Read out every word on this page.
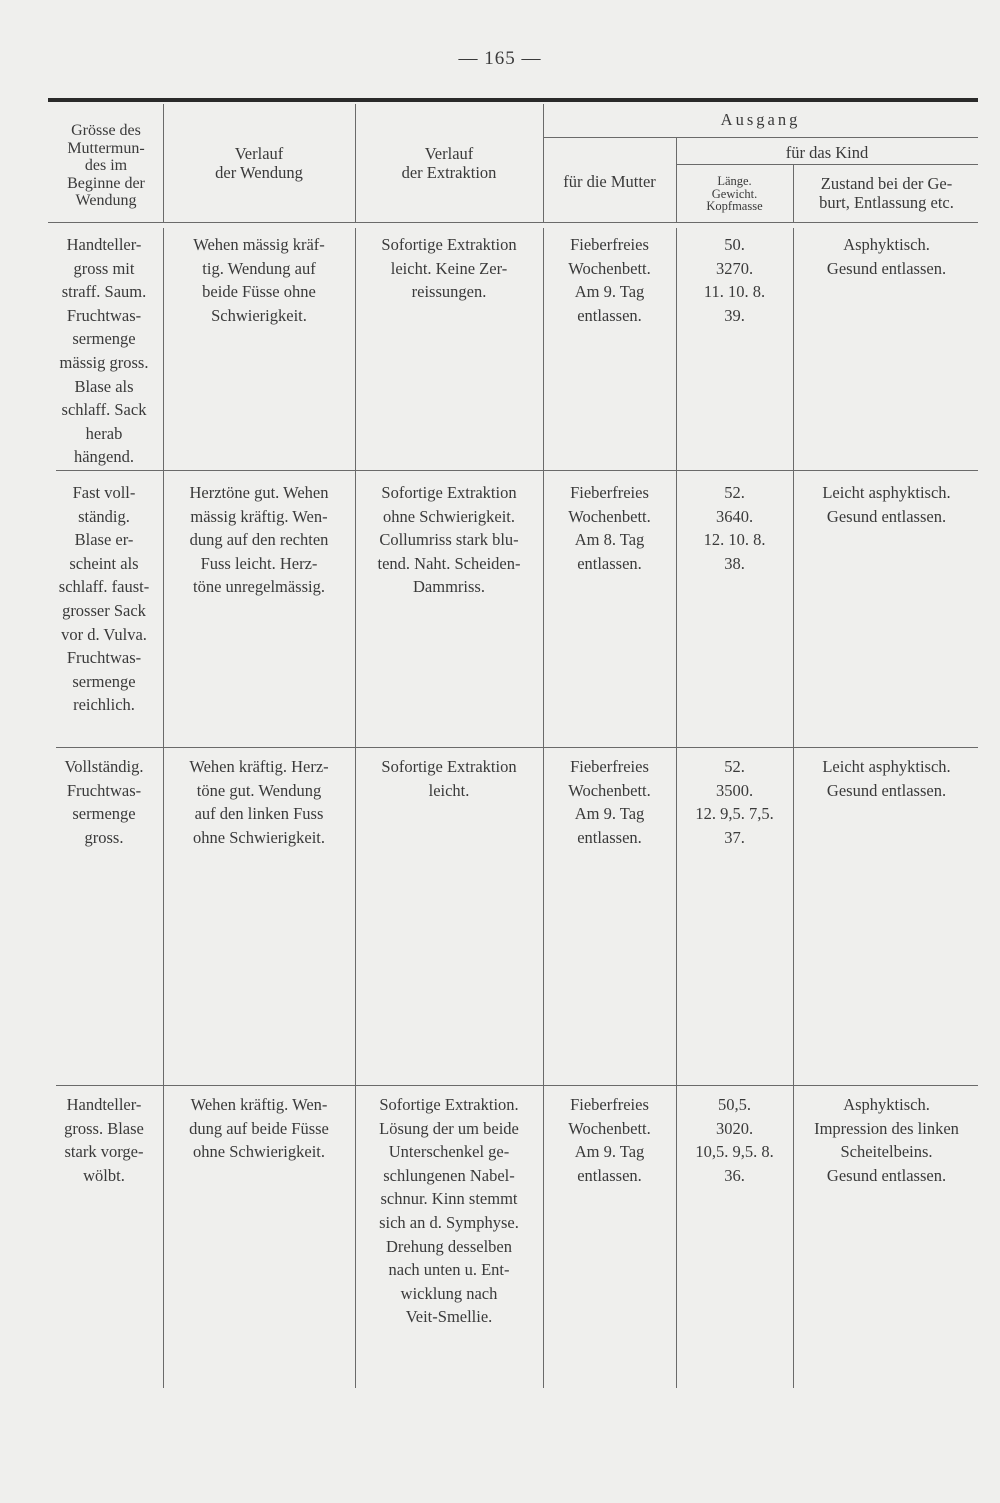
— 165 —
Grösse des
Muttermun-
des im
Beginne der
Wendung
Verlauf
der Wendung
Verlauf
der Extraktion
Ausgang
für die Mutter
für das Kind
Länge.
Gewicht.
Kopfmasse
Zustand bei der Ge-
burt, Entlassung etc.
Handteller-
gross mit
straff. Saum.
Fruchtwas-
sermenge
mässig gross.
Blase als
schlaff. Sack
herab
hängend.
Wehen mässig kräf-
tig. Wendung auf
beide Füsse ohne
Schwierigkeit.
Sofortige Extraktion
leicht. Keine Zer-
reissungen.
Fieberfreies
Wochenbett.
Am 9. Tag
entlassen.
50.
3270.
11. 10. 8.
39.
Asphyktisch.
Gesund entlassen.
Fast voll-
ständig.
Blase er-
scheint als
schlaff. faust-
grosser Sack
vor d. Vulva.
Fruchtwas-
sermenge
reichlich.
Herztöne gut. Wehen
mässig kräftig. Wen-
dung auf den rechten
Fuss leicht. Herz-
töne unregelmässig.
Sofortige Extraktion
ohne Schwierigkeit.
Collumriss stark blu-
tend. Naht. Scheiden-
Dammriss.
Fieberfreies
Wochenbett.
Am 8. Tag
entlassen.
52.
3640.
12. 10. 8.
38.
Leicht asphyktisch.
Gesund entlassen.
Vollständig.
Fruchtwas-
sermenge
gross.
Wehen kräftig. Herz-
töne gut. Wendung
auf den linken Fuss
ohne Schwierigkeit.
Sofortige Extraktion
leicht.
Fieberfreies
Wochenbett.
Am 9. Tag
entlassen.
52.
3500.
12. 9,5. 7,5.
37.
Leicht asphyktisch.
Gesund entlassen.
Handteller-
gross. Blase
stark vorge-
wölbt.
Wehen kräftig. Wen-
dung auf beide Füsse
ohne Schwierigkeit.
Sofortige Extraktion.
Lösung der um beide
Unterschenkel ge-
schlungenen Nabel-
schnur. Kinn stemmt
sich an d. Symphyse.
Drehung desselben
nach unten u. Ent-
wicklung nach
Veit-Smellie.
Fieberfreies
Wochenbett.
Am 9. Tag
entlassen.
50,5.
3020.
10,5. 9,5. 8.
36.
Asphyktisch.
Impression des linken
Scheitelbeins.
Gesund entlassen.
